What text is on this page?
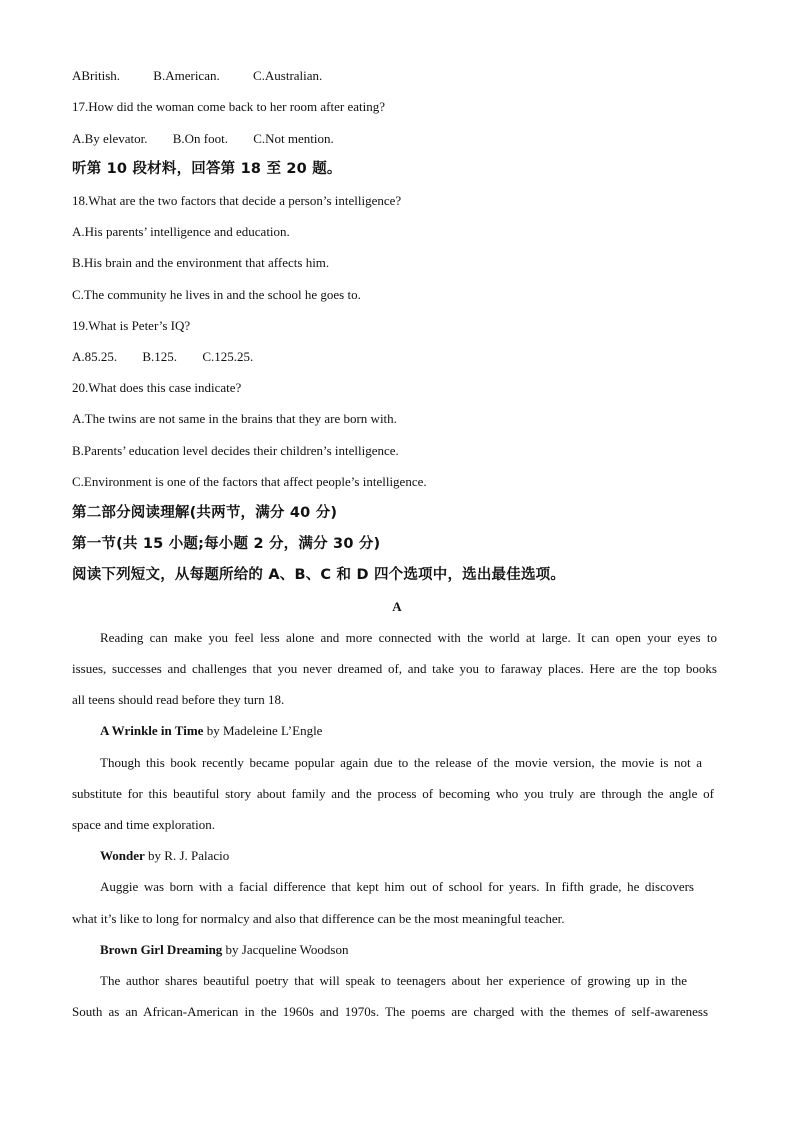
ABritish.	B.American.	C.Australian.
17.How did the woman come back to her room after eating?
A.By elevator. B.On foot. C.Not mention.
听第 10 段材料，回答第 18 至 20 题。
18.What are the two factors that decide a person’s intelligence?
A.His parents’ intelligence and education.
B.His brain and the environment that affects him.
C.The community he lives in and the school he goes to.
19.What is Peter’s IQ?
A.85.25. B.125. C.125.25.
20.What does this case indicate?
A.The twins are not same in the brains that they are born with.
B.Parents’ education level decides their children’s intelligence.
C.Environment is one of the factors that affect people’s intelligence.
第二部分阅读理解(共两节，满分 40 分)
第一节(共 15 小题;每小题 2 分，满分 30 分)
阅读下列短文，从每题所给的 A、B、C 和 D 四个选项中，选出最佳选项。
A
Reading can make you feel less alone and more connected with the world at large. It can open your eyes to
issues, successes and challenges that you never dreamed of, and take you to faraway places. Here are the top books
all teens should read before they turn 18.
A Wrinkle in Time by Madeleine L’Engle
Though this book recently became popular again due to the release of the movie version, the movie is not a
substitute for this beautiful story about family and the process of becoming who you truly are through the angle of
space and time exploration.
Wonder by R. J. Palacio
Auggie was born with a facial difference that kept him out of school for years. In fifth grade, he discovers
what it’s like to long for normalcy and also that difference can be the most meaningful teacher.
Brown Girl Dreaming by Jacqueline Woodson
The author shares beautiful poetry that will speak to teenagers about her experience of growing up in the
South as an African-American in the 1960s and 1970s. The poems are charged with the themes of self-awareness
